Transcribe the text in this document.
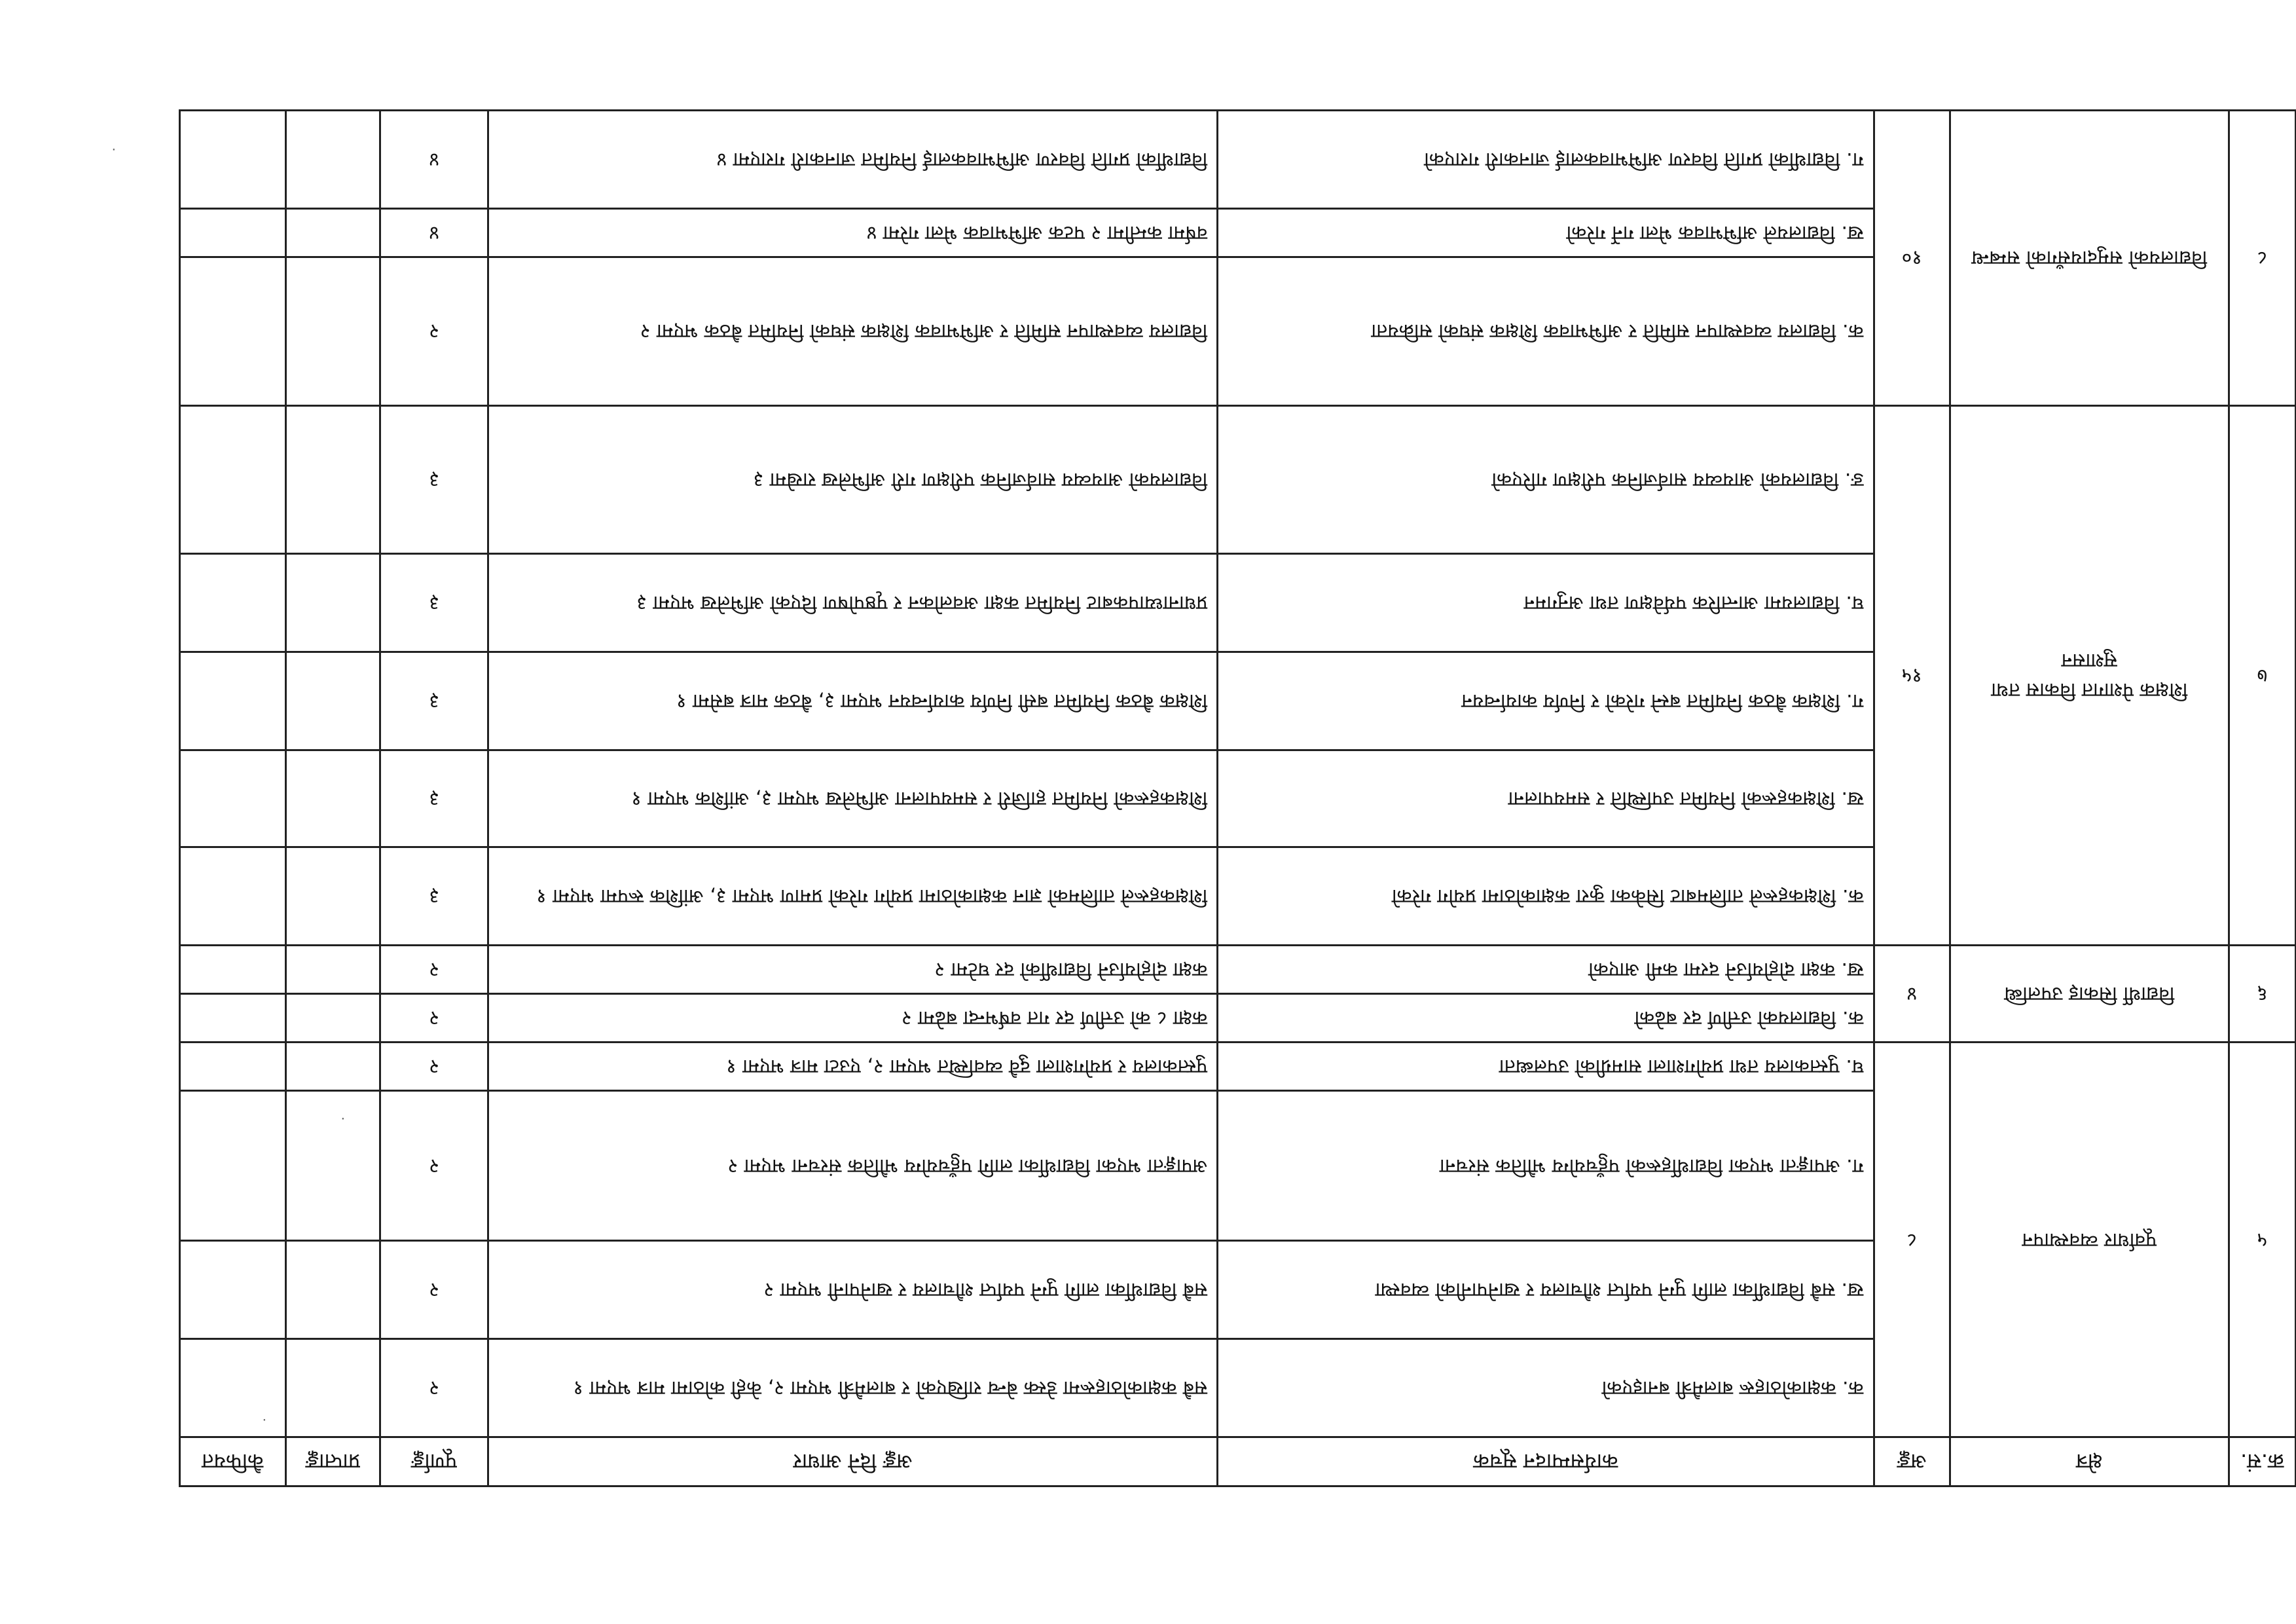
क्र.सं.	क्षेत्र	अङ्क	कार्यसम्पादन सूचक	अङ्क दिने आधार	पूर्णाङ्क	प्राप्ताङ्क	कैफियत
५	पूर्वाधार व्यवस्थापन	८	क. कक्षाकोठाहरू बालमैत्री बनाइएको	सबै कक्षाकोठाहरूमा डेस्क बेन्च राखिएको र बालमैत्री भएमा २, केही कोठामा मात्र भएमा १	२		
			ख. सबै विद्यार्थीका लागि पुग्ने पर्याप्त शौचालय र खानेपानीको व्यवस्था	सबै विद्यार्थीका लागि पुग्ने पर्याप्त शौचालय र खानेपानी भएमा २	२		
			ग. अपाङ्गता भएका विद्यार्थीहरूको पहुँचयोग्य भौतिक संरचना	अपाङ्गता भएका विद्यार्थीका लागि पहुँचयोग्य भौतिक संरचना भएमा २	२		
			घ. पुस्तकालय तथा प्रयोगशाला सामग्रीको उपलब्धता	पुस्तकालय र प्रयोगशाला दुवै व्यवस्थित भएमा २, एउटा मात्र भएमा १	२		
६	विद्यार्थी सिकाइ उपलब्धि	४	क. विद्यालयको उत्तीर्ण दर बढेको	कक्षा ८ को उत्तीर्ण दर गत वर्षभन्दा बढेमा २	२		
			ख. कक्षा दोहोर्याउने दरमा कमी आएको	कक्षा दोहोर्याउने विद्यार्थीको दर घटेमा २	२		
७	शिक्षक पेशागत विकास तथा सुशासन	१५	क. शिक्षकहरूले तालिमबाट सिकेका कुरा कक्षाकोठामा प्रयोग गरेको	शिक्षकहरूले तालिमको ज्ञान कक्षाकोठामा प्रयोग गरेको प्रमाण भएमा ३, आंशिक रूपमा भएमा १	३		
			ख. शिक्षकहरूको नियमित उपस्थिति र समयपालना	शिक्षकहरूको नियमित हाजिरी र समयपालना अभिलेख भएमा ३, आंशिक भएमा १	३		
			ग. शिक्षक बैठक नियमित बस्ने गरेको र निर्णय कार्यान्वयन	शिक्षक बैठक नियमित बसी निर्णय कार्यान्वयन भएमा ३, बैठक मात्र बसेमा १	३		
			घ. विद्यालयमा आन्तरिक पर्यवेक्षण तथा अनुगमन	प्रधानाध्यापकबाट नियमित कक्षा अवलोकन र पृष्ठपोषण दिएको अभिलेख भएमा ३	३		
			ङ. विद्यालयको आयव्यय सार्वजनिक परीक्षण गरिएको	विद्यालयको आयव्यय सार्वजनिक परीक्षण गरी अभिलेख राखेमा ३	३		
८	विद्यालयको समुदायसँगको सम्बन्ध	१०	क. विद्यालय व्यवस्थापन समिति र अभिभावक शिक्षक संघको सक्रियता	विद्यालय व्यवस्थापन समिति र अभिभावक शिक्षक संघको नियमित बैठक भएमा २	२		
			ख. विद्यालयले अभिभावक भेला गर्ने गरेको	वर्षमा कम्तीमा २ पटक अभिभावक भेला गरेमा ४	४		
			ग. विद्यार्थीको प्रगति विवरण अभिभावकलाई जानकारी गराएको	विद्यार्थीको प्रगति विवरण अभिभावकलाई नियमित जानकारी गराएमा ४	४		
·
·
·
